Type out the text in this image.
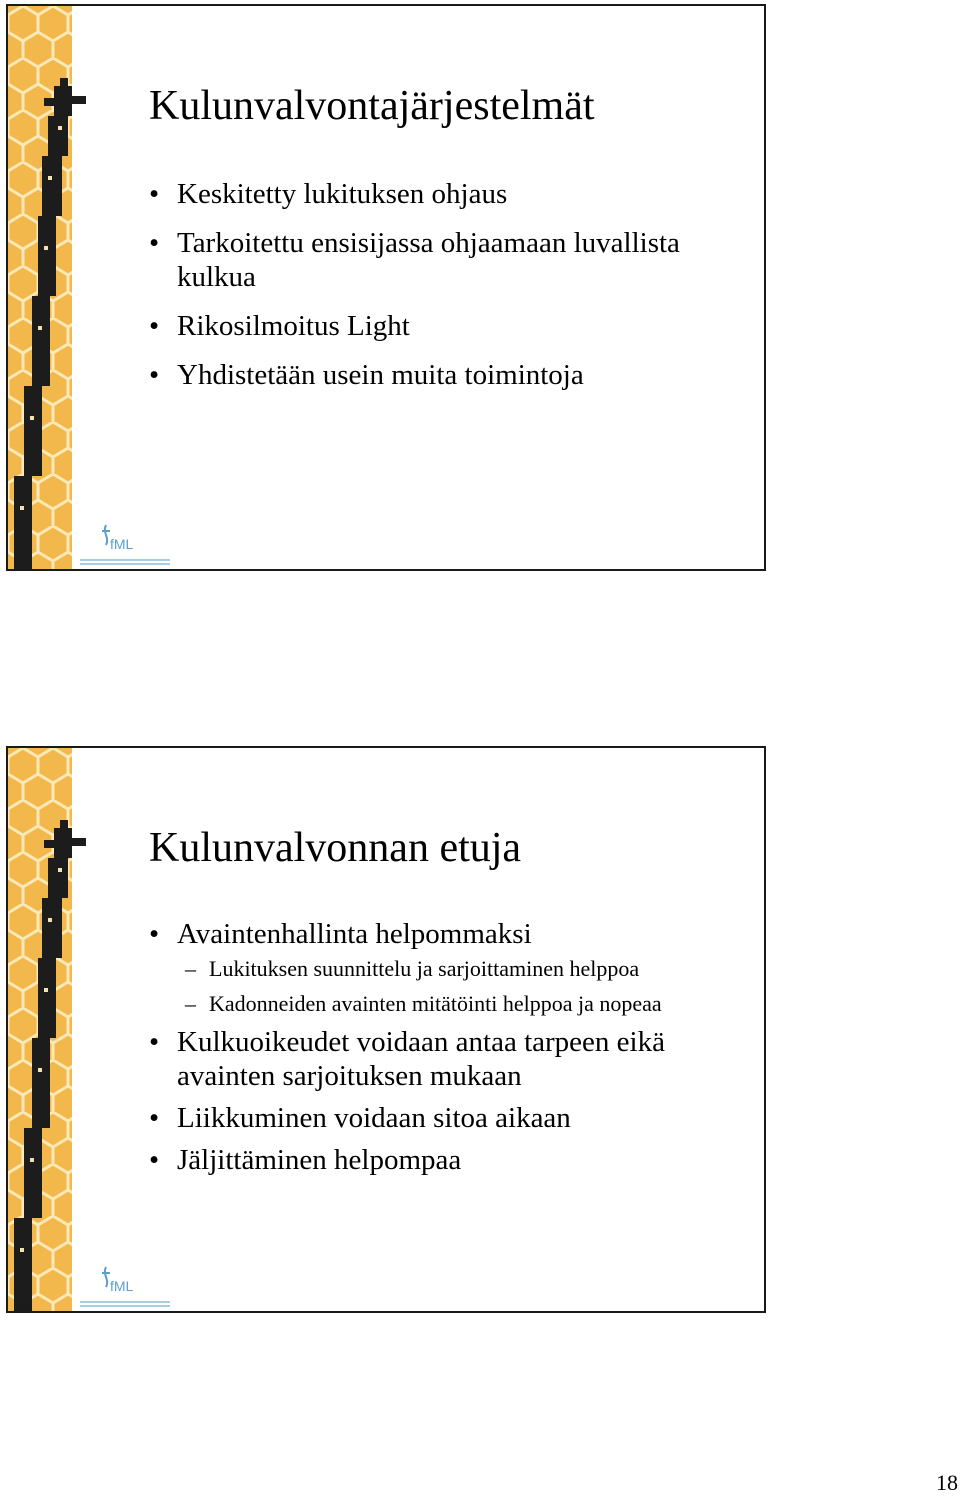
fML
Kulunvalvontajärjestelmät
• Keskitetty lukituksen ohjaus
• Tarkoitettu ensisijassa ohjaamaan luvallista kulkua
• Rikosilmoitus Light
• Yhdistetään usein muita toimintoja
fML
Kulunvalvonnan etuja
• Avaintenhallinta helpommaksi
– Lukituksen suunnittelu ja sarjoittaminen helppoa
– Kadonneiden avainten mitätöinti helppoa ja nopeaa
• Kulkuoikeudet voidaan antaa tarpeen eikä avainten sarjoituksen mukaan
• Liikkuminen voidaan sitoa aikaan
• Jäljittäminen helpompaa
18
